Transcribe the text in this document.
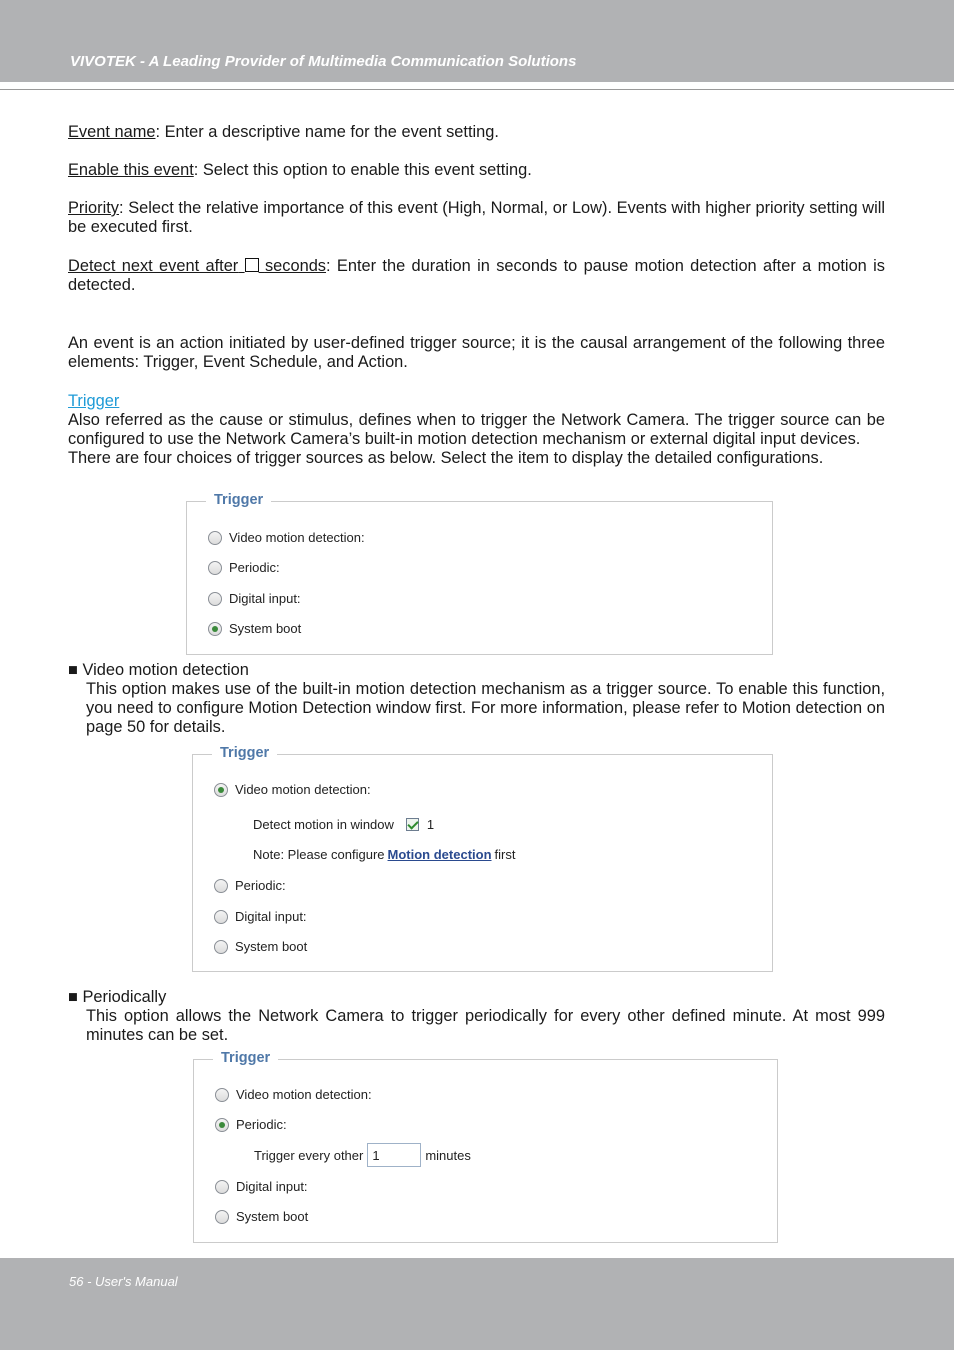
VIVOTEK - A Leading Provider of Multimedia Communication Solutions
Event name: Enter a descriptive name for the event setting.
Enable this event: Select this option to enable this event setting.
Priority: Select the relative importance of this event (High, Normal, or Low). Events with higher priority setting will be executed first.
Detect next event after seconds: Enter the duration in seconds to pause motion detection after a motion is detected.
An event is an action initiated by user-defined trigger source; it is the causal arrangement of the following three elements: Trigger, Event Schedule, and Action.
Trigger
Also referred as the cause or stimulus, defines when to trigger the Network Camera. The trigger source can be configured to use the Network Camera’s built-in motion detection mechanism or external digital input devices.
There are four choices of trigger sources as below. Select the item to display the detailed configurations.
Trigger
Video motion detection:
Periodic:
Digital input:
System boot
■ Video motion detection
This option makes use of the built-in motion detection mechanism as a trigger source. To enable this function, you need to configure Motion Detection window first. For more information, please refer to Motion detection on page 50 for details.
Trigger
Video motion detection:
Detect motion in window	1
Note: Please configure Motion detection first
Periodic:
Digital input:
System boot
■ Periodically
This option allows the Network Camera to trigger periodically for every other defined minute. At most 999 minutes can be set.
Trigger
Video motion detection:
Periodic:
Trigger every other
1	minutes
Digital input:
System boot
56 - User's Manual
